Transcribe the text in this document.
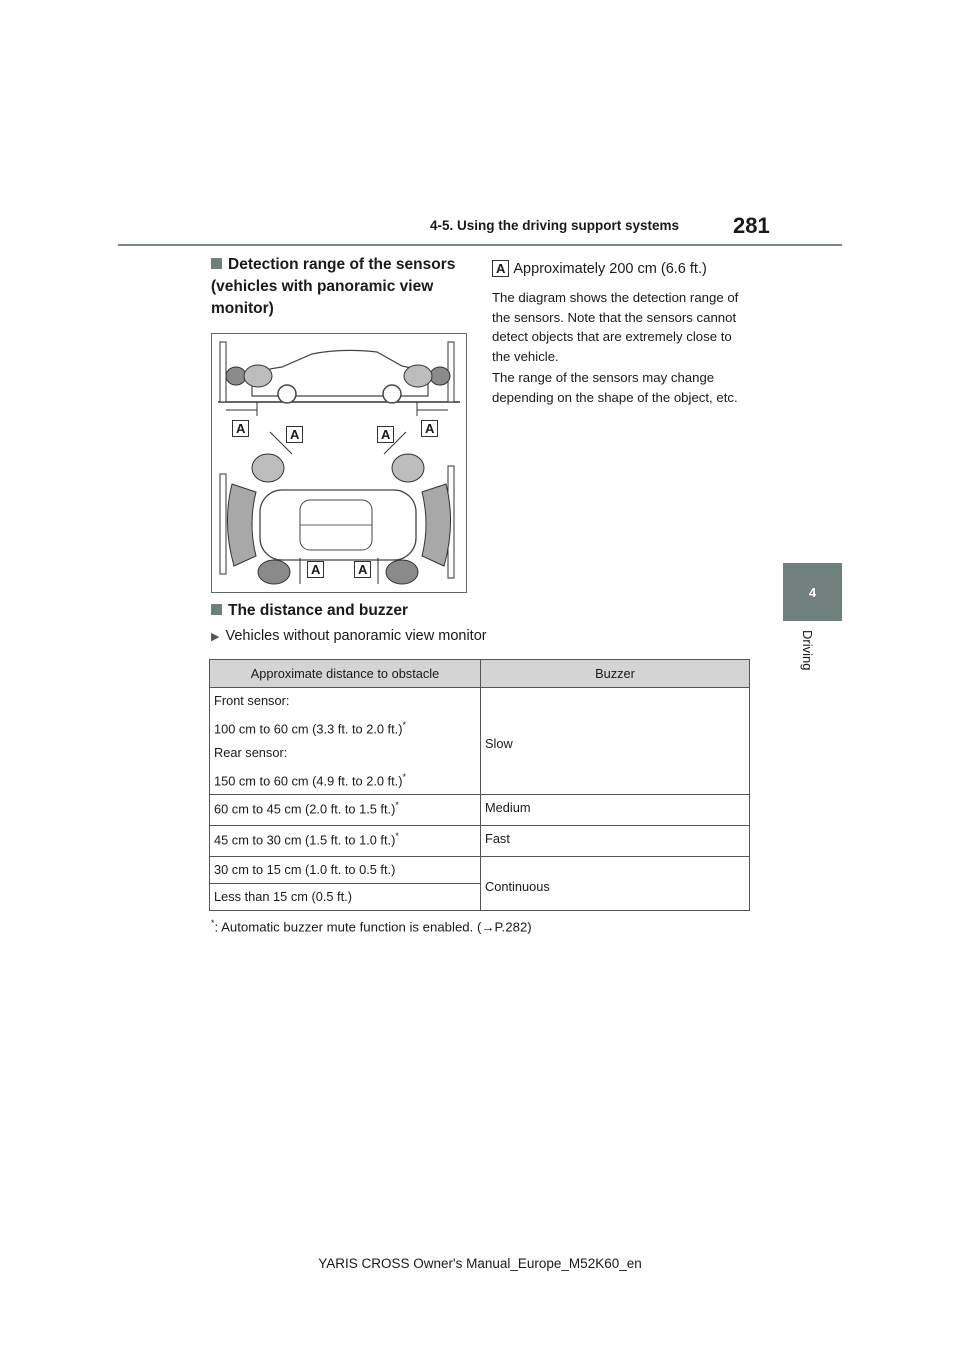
4-5. Using the driving support systems 281
4
Driving
Detection range of the sensors (vehicles with panoramic view monitor)
A Approximately 200 cm (6.6 ft.)
The diagram shows the detection range of the sensors. Note that the sensors cannot detect objects that are extremely close to the vehicle.
The range of the sensors may change depending on the shape of the object, etc.
A	A	A	A
A	A
The distance and buzzer
▶ Vehicles without panoramic view monitor
Approximate distance to obstacle	Buzzer

Front sensor:

100 cm to 60 cm (3.3 ft. to 2.0 ft.)*

Rear sensor:

150 cm to 60 cm (4.9 ft. to 2.0 ft.)*	Slow
60 cm to 45 cm (2.0 ft. to 1.5 ft.)*	Medium
45 cm to 30 cm (1.5 ft. to 1.0 ft.)*	Fast
30 cm to 15 cm (1.0 ft. to 0.5 ft.)	Continuous
Less than 15 cm (0.5 ft.)	
*: Automatic buzzer mute function is enabled. (→P.282)
YARIS CROSS Owner's Manual_Europe_M52K60_en
